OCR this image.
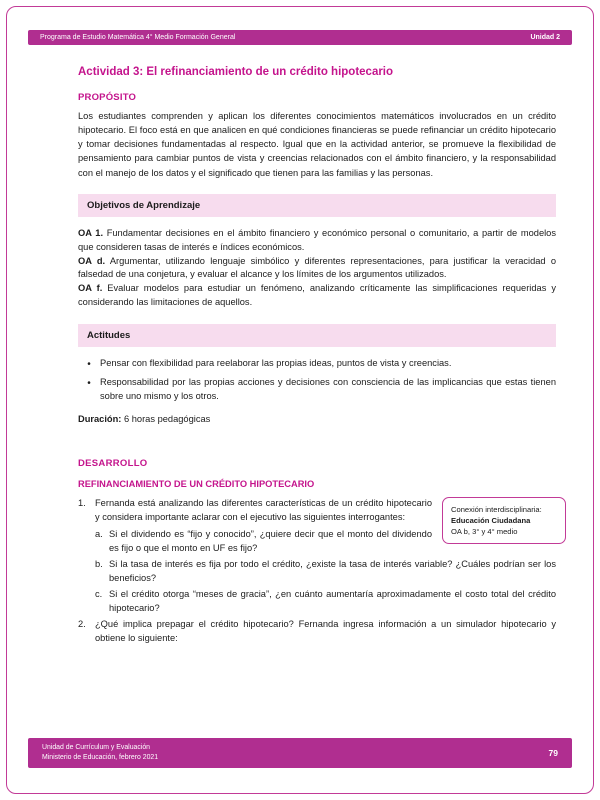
Programa de Estudio Matemática 4° Medio Formación General	Unidad 2
Actividad 3: El refinanciamiento de un crédito hipotecario
PROPÓSITO

Los estudiantes comprenden y aplican los diferentes conocimientos matemáticos involucrados en un crédito hipotecario. El foco está en que analicen en qué condiciones financieras se puede refinanciar un crédito hipotecario y tomar decisiones fundamentadas al respecto. Igual que en la actividad anterior, se promueve la flexibilidad de pensamiento para cambiar puntos de vista y creencias relacionados con el ámbito financiero, y la responsabilidad con el manejo de los datos y el significado que tienen para las familias y las personas.

Objetivos de Aprendizaje

OA 1. Fundamentar decisiones en el ámbito financiero y económico personal o comunitario, a partir de modelos que consideren tasas de interés e índices económicos.

OA d. Argumentar, utilizando lenguaje simbólico y diferentes representaciones, para justificar la veracidad o falsedad de una conjetura, y evaluar el alcance y los límites de los argumentos utilizados.

OA f. Evaluar modelos para estudiar un fenómeno, analizando críticamente las simplificaciones requeridas y considerando las limitaciones de aquellos.

Actitudes
• Pensar con flexibilidad para reelaborar las propias ideas, puntos de vista y creencias.
• Responsabilidad por las propias acciones y decisiones con consciencia de las implicancias que estas tienen sobre uno mismo y los otros.

Duración: 6 horas pedagógicas

DESARROLLO
REFINANCIAMIENTO DE UN CRÉDITO HIPOTECARIO
Conexión interdisciplinaria:
Educación Ciudadana
OA b, 3° y 4° medio
1. Fernanda está analizando las diferentes características de un crédito hipotecario y considera importante aclarar con el ejecutivo las siguientes interrogantes:
a. Si el dividendo es “fijo y conocido”, ¿quiere decir que el monto del dividendo es fijo o que el monto en UF es fijo?
b. Si la tasa de interés es fija por todo el crédito, ¿existe la tasa de interés variable? ¿Cuáles podrían ser los beneficios?
c. Si el crédito otorga “meses de gracia”, ¿en cuánto aumentaría aproximadamente el costo total del crédito hipotecario?
2. ¿Qué implica prepagar el crédito hipotecario? Fernanda ingresa información a un simulador hipotecario y obtiene lo siguiente:
Unidad de Currículum y Evaluación
Ministerio de Educación, febrero 2021	79
